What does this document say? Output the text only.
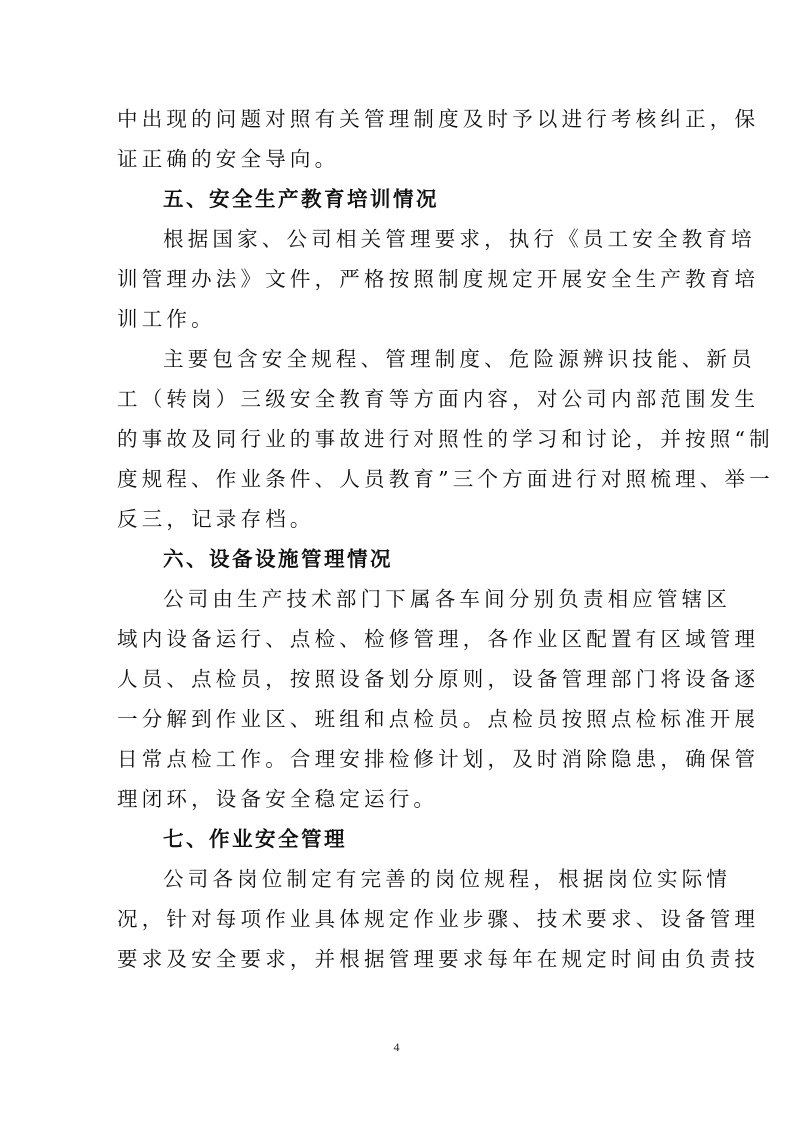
中出现的问题对照有关管理制度及时予以进行考核纠正，保
证正确的安全导向。
五、安全生产教育培训情况
根据国家、公司相关管理要求，执行《员工安全教育培
训管理办法》文件，严格按照制度规定开展安全生产教育培
训工作。
主要包含安全规程、管理制度、危险源辨识技能、新员
工（转岗）三级安全教育等方面内容，对公司内部范围发生
的事故及同行业的事故进行对照性的学习和讨论，并按照“制
度规程、作业条件、人员教育”三个方面进行对照梳理、举一
反三，记录存档。
六、设备设施管理情况
公司由生产技术部门下属各车间分别负责相应管辖区
域内设备运行、点检、检修管理，各作业区配置有区域管理
人员、点检员，按照设备划分原则，设备管理部门将设备逐
一分解到作业区、班组和点检员。点检员按照点检标准开展
日常点检工作。合理安排检修计划，及时消除隐患，确保管
理闭环，设备安全稳定运行。
七、作业安全管理
公司各岗位制定有完善的岗位规程，根据岗位实际情
况，针对每项作业具体规定作业步骤、技术要求、设备管理
要求及安全要求，并根据管理要求每年在规定时间由负责技
4
